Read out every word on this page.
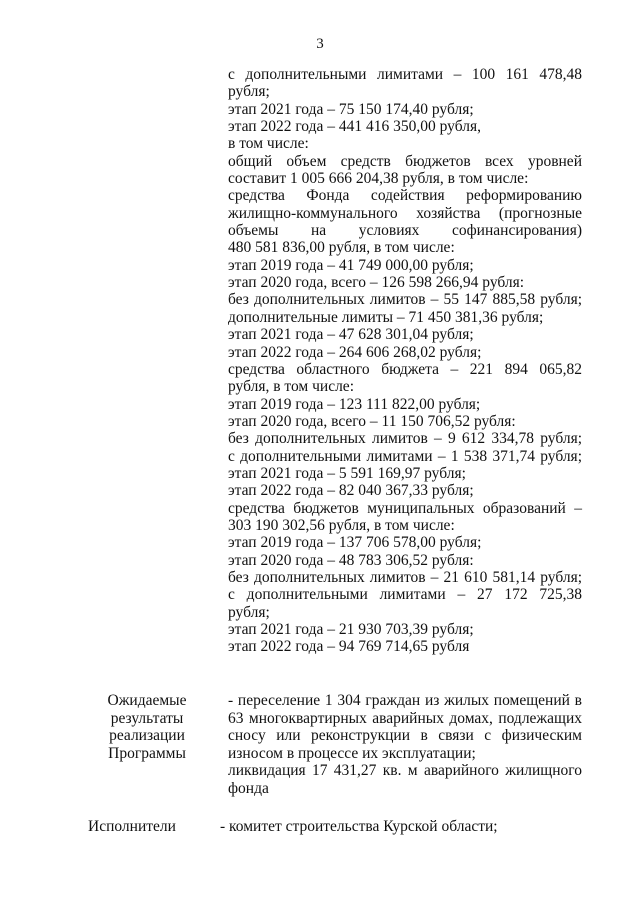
3
с дополнительными лимитами – 100 161 478,48
рубля;
этап 2021 года – 75 150 174,40 рубля;
этап 2022 года – 441 416 350,00 рубля,
в том числе:
общий объем средств бюджетов всех уровней
составит 1 005 666 204,38 рубля, в том числе:
средства Фонда содействия реформированию
жилищно-коммунального хозяйства (прогнозные
объемы на условиях софинансирования)
480 581 836,00 рубля, в том числе:
этап 2019 года – 41 749 000,00 рубля;
этап 2020 года, всего – 126 598 266,94 рубля:
без дополнительных лимитов – 55 147 885,58 рубля;
дополнительные лимиты – 71 450 381,36 рубля;
этап 2021 года – 47 628 301,04 рубля;
этап 2022 года – 264 606 268,02 рубля;
средства областного бюджета – 221 894 065,82
рубля, в том числе:
этап 2019 года – 123 111 822,00 рубля;
этап 2020 года, всего – 11 150 706,52 рубля:
без дополнительных лимитов – 9 612 334,78 рубля;
с дополнительными лимитами – 1 538 371,74 рубля;
этап 2021 года – 5 591 169,97 рубля;
этап 2022 года – 82 040 367,33 рубля;
средства бюджетов муниципальных образований –
303 190 302,56 рубля, в том числе:
этап 2019 года – 137 706 578,00 рубля;
этап 2020 года – 48 783 306,52 рубля:
без дополнительных лимитов – 21 610 581,14 рубля;
с дополнительными лимитами – 27 172 725,38
рубля;
этап 2021 года – 21 930 703,39 рубля;
этап 2022 года – 94 769 714,65 рубля
Ожидаемые
результаты
реализации
Программы
- переселение 1 304 граждан из жилых помещений в
63 многоквартирных аварийных домах, подлежащих
сносу или реконструкции в связи с физическим
износом в процессе их эксплуатации;
ликвидация 17 431,27 кв. м аварийного жилищного
фонда
Исполнители	- комитет строительства Курской области;
